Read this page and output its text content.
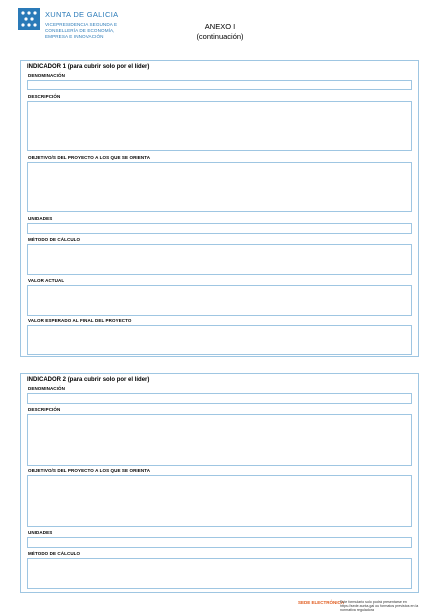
XUNTA DE GALICIA
VICEPRESIDENCIA SEGUNDA E
CONSELLERÍA DE ECONOMÍA,
EMPRESA E INNOVACIÓN
ANEXO I
(continuación)
INDICADOR 1 (para cubrir solo por el líder)
DENOMINACIÓN
DESCRIPCIÓN
OBJETIVO/S DEL PROYECTO A LOS QUE SE ORIENTA
UNIDADES
MÉTODO DE CÁLCULO
VALOR ACTUAL
VALOR ESPERADO AL FINAL DEL PROYECTO
INDICADOR 2 (para cubrir solo por el líder)
DENOMINACIÓN
DESCRIPCIÓN
OBJETIVO/S DEL PROYECTO A LOS QUE SE ORIENTA
UNIDADES
MÉTODO DE CÁLCULO
SEDE ELECTRÓNICA
Este formulario solo podrá presentarse en https://sede.xunta.gal ou formatos previstos en la normativa reguladora
